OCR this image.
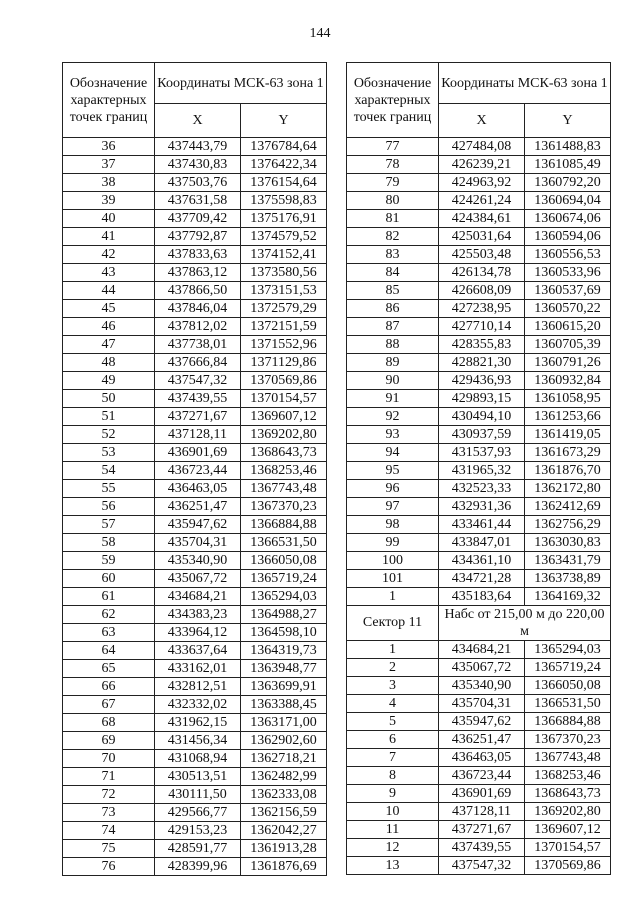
144
Обозначение характерных точек границ	Координаты МСК-63 зона 1	
	X	Y
36	437443,79	1376784,64
37	437430,83	1376422,34
38	437503,76	1376154,64
39	437631,58	1375598,83
40	437709,42	1375176,91
41	437792,87	1374579,52
42	437833,63	1374152,41
43	437863,12	1373580,56
44	437866,50	1373151,53
45	437846,04	1372579,29
46	437812,02	1372151,59
47	437738,01	1371552,96
48	437666,84	1371129,86
49	437547,32	1370569,86
50	437439,55	1370154,57
51	437271,67	1369607,12
52	437128,11	1369202,80
53	436901,69	1368643,73
54	436723,44	1368253,46
55	436463,05	1367743,48
56	436251,47	1367370,23
57	435947,62	1366884,88
58	435704,31	1366531,50
59	435340,90	1366050,08
60	435067,72	1365719,24
61	434684,21	1365294,03
62	434383,23	1364988,27
63	433964,12	1364598,10
64	433637,64	1364319,73
65	433162,01	1363948,77
66	432812,51	1363699,91
67	432332,02	1363388,45
68	431962,15	1363171,00
69	431456,34	1362902,60
70	431068,94	1362718,21
71	430513,51	1362482,99
72	430111,50	1362333,08
73	429566,77	1362156,59
74	429153,23	1362042,27
75	428591,77	1361913,28
76	428399,96	1361876,69
Обозначение характерных точек границ	Координаты МСК-63 зона 1	
	X	Y
77	427484,08	1361488,83
78	426239,21	1361085,49
79	424963,92	1360792,20
80	424261,24	1360694,04
81	424384,61	1360674,06
82	425031,64	1360594,06
83	425503,48	1360556,53
84	426134,78	1360533,96
85	426608,09	1360537,69
86	427238,95	1360570,22
87	427710,14	1360615,20
88	428355,83	1360705,39
89	428821,30	1360791,26
90	429436,93	1360932,84
91	429893,15	1361058,95
92	430494,10	1361253,66
93	430937,59	1361419,05
94	431537,93	1361673,29
95	431965,32	1361876,70
96	432523,33	1362172,80
97	432931,36	1362412,69
98	433461,44	1362756,29
99	433847,01	1363030,83
100	434361,10	1363431,79
101	434721,28	1363738,89
1	435183,64	1364169,32
Сектор 11	Набс от 215,00 м до 220,00 м	
1	434684,21	1365294,03
2	435067,72	1365719,24
3	435340,90	1366050,08
4	435704,31	1366531,50
5	435947,62	1366884,88
6	436251,47	1367370,23
7	436463,05	1367743,48
8	436723,44	1368253,46
9	436901,69	1368643,73
10	437128,11	1369202,80
11	437271,67	1369607,12
12	437439,55	1370154,57
13	437547,32	1370569,86
